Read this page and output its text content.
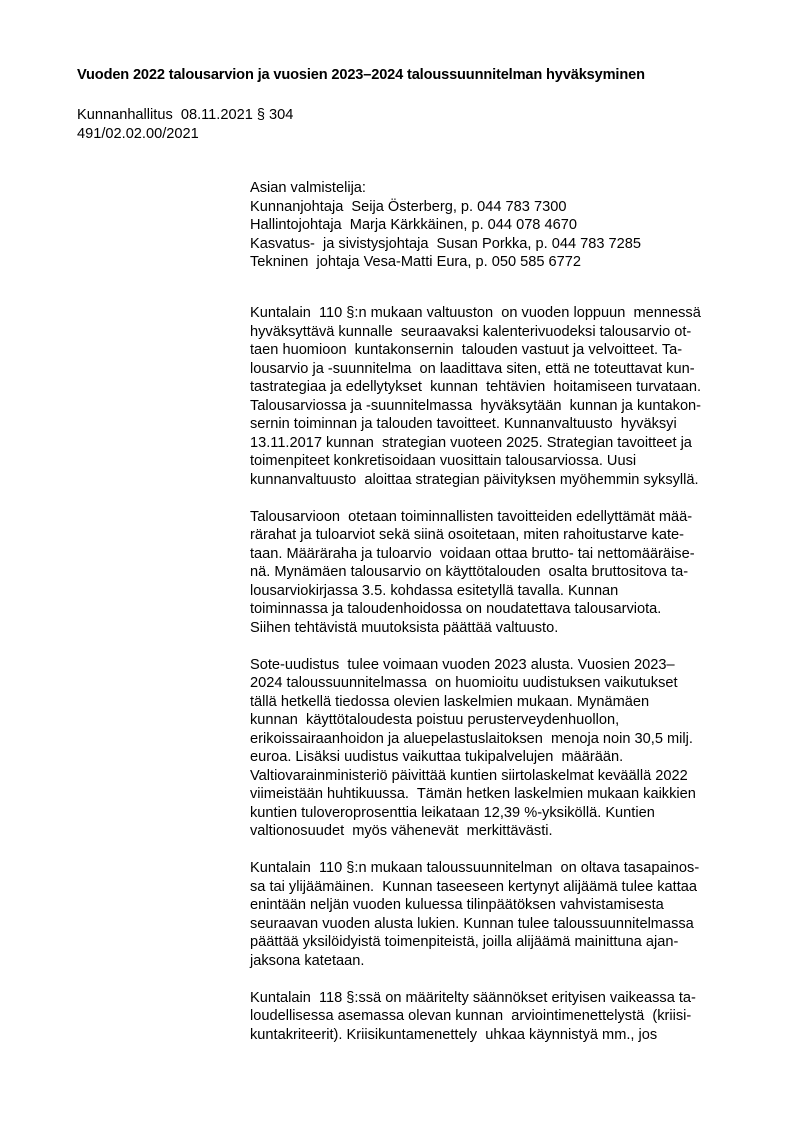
Vuoden 2022 talousarvion ja vuosien 2023–2024 taloussuunnitelman hyväksyminen
Kunnanhallitus  08.11.2021 § 304
491/02.02.00/2021
Asian valmistelija:
Kunnanjohtaja  Seija Österberg, p. 044 783 7300
Hallintojohtaja  Marja Kärkkäinen, p. 044 078 4670
Kasvatus-  ja sivistysjohtaja  Susan Porkka, p. 044 783 7285
Tekninen  johtaja Vesa-Matti Eura, p. 050 585 6772

Kuntalain  110 §:n mukaan valtuuston  on vuoden loppuun  mennessä
hyväksyttävä kunnalle  seuraavaksi kalenterivuodeksi talousarvio ot-
taen huomioon  kuntakonsernin  talouden vastuut ja velvoitteet. Ta-
lousarvio ja -suunnitelma  on laadittava siten, että ne toteuttavat kun-
tastrategiaa ja edellytykset  kunnan  tehtävien  hoitamiseen turvataan.
Talousarviossa ja -suunnitelmassa  hyväksytään  kunnan ja kuntakon-
sernin toiminnan ja talouden tavoitteet. Kunnanvaltuusto  hyväksyi
13.11.2017 kunnan  strategian vuoteen 2025. Strategian tavoitteet ja
toimenpiteet konkretisoidaan vuosittain talousarviossa. Uusi
kunnanvaltuusto  aloittaa strategian päivityksen myöhemmin syksyllä.

Talousarvioon  otetaan toiminnallisten tavoitteiden edellyttämät mää-
rärahat ja tuloarviot sekä siinä osoitetaan, miten rahoitustarve kate-
taan. Määräraha ja tuloarvio  voidaan ottaa brutto- tai nettomääräise-
nä. Mynämäen talousarvio on käyttötalouden  osalta bruttositova ta-
lousarviokirjassa 3.5. kohdassa esitetyllä tavalla. Kunnan
toiminnassa ja taloudenhoidossa on noudatettava talousarviota.
Siihen tehtävistä muutoksista päättää valtuusto.

Sote-uudistus  tulee voimaan vuoden 2023 alusta. Vuosien 2023–
2024 taloussuunnitelmassa  on huomioitu uudistuksen vaikutukset
tällä hetkellä tiedossa olevien laskelmien mukaan. Mynämäen
kunnan  käyttötaloudesta poistuu perusterveydenhuollon,
erikoissairaanhoidon ja aluepelastuslaitoksen  menoja noin 30,5 milj.
euroa. Lisäksi uudistus vaikuttaa tukipalvelujen  määrään.
Valtiovarainministeriö päivittää kuntien siirtolaskelmat keväällä 2022
viimeistään huhtikuussa.  Tämän hetken laskelmien mukaan kaikkien
kuntien tuloveroprosenttia leikataan 12,39 %-yksiköllä. Kuntien
valtionosuudet  myös vähenevät  merkittävästi.

Kuntalain  110 §:n mukaan taloussuunnitelman  on oltava tasapainos-
sa tai ylijäämäinen.  Kunnan taseeseen kertynyt alijäämä tulee kattaa
enintään neljän vuoden kuluessa tilinpäätöksen vahvistamisesta
seuraavan vuoden alusta lukien. Kunnan tulee taloussuunnitelmassa
päättää yksilöidyistä toimenpiteistä, joilla alijäämä mainittuna ajan-
jaksona katetaan.

Kuntalain  118 §:ssä on määritelty säännökset erityisen vaikeassa ta-
loudellisessa asemassa olevan kunnan  arviointimenettelystä  (kriisi-
kuntakriteerit). Kriisikuntamenettely  uhkaa käynnistyä mm., jos
